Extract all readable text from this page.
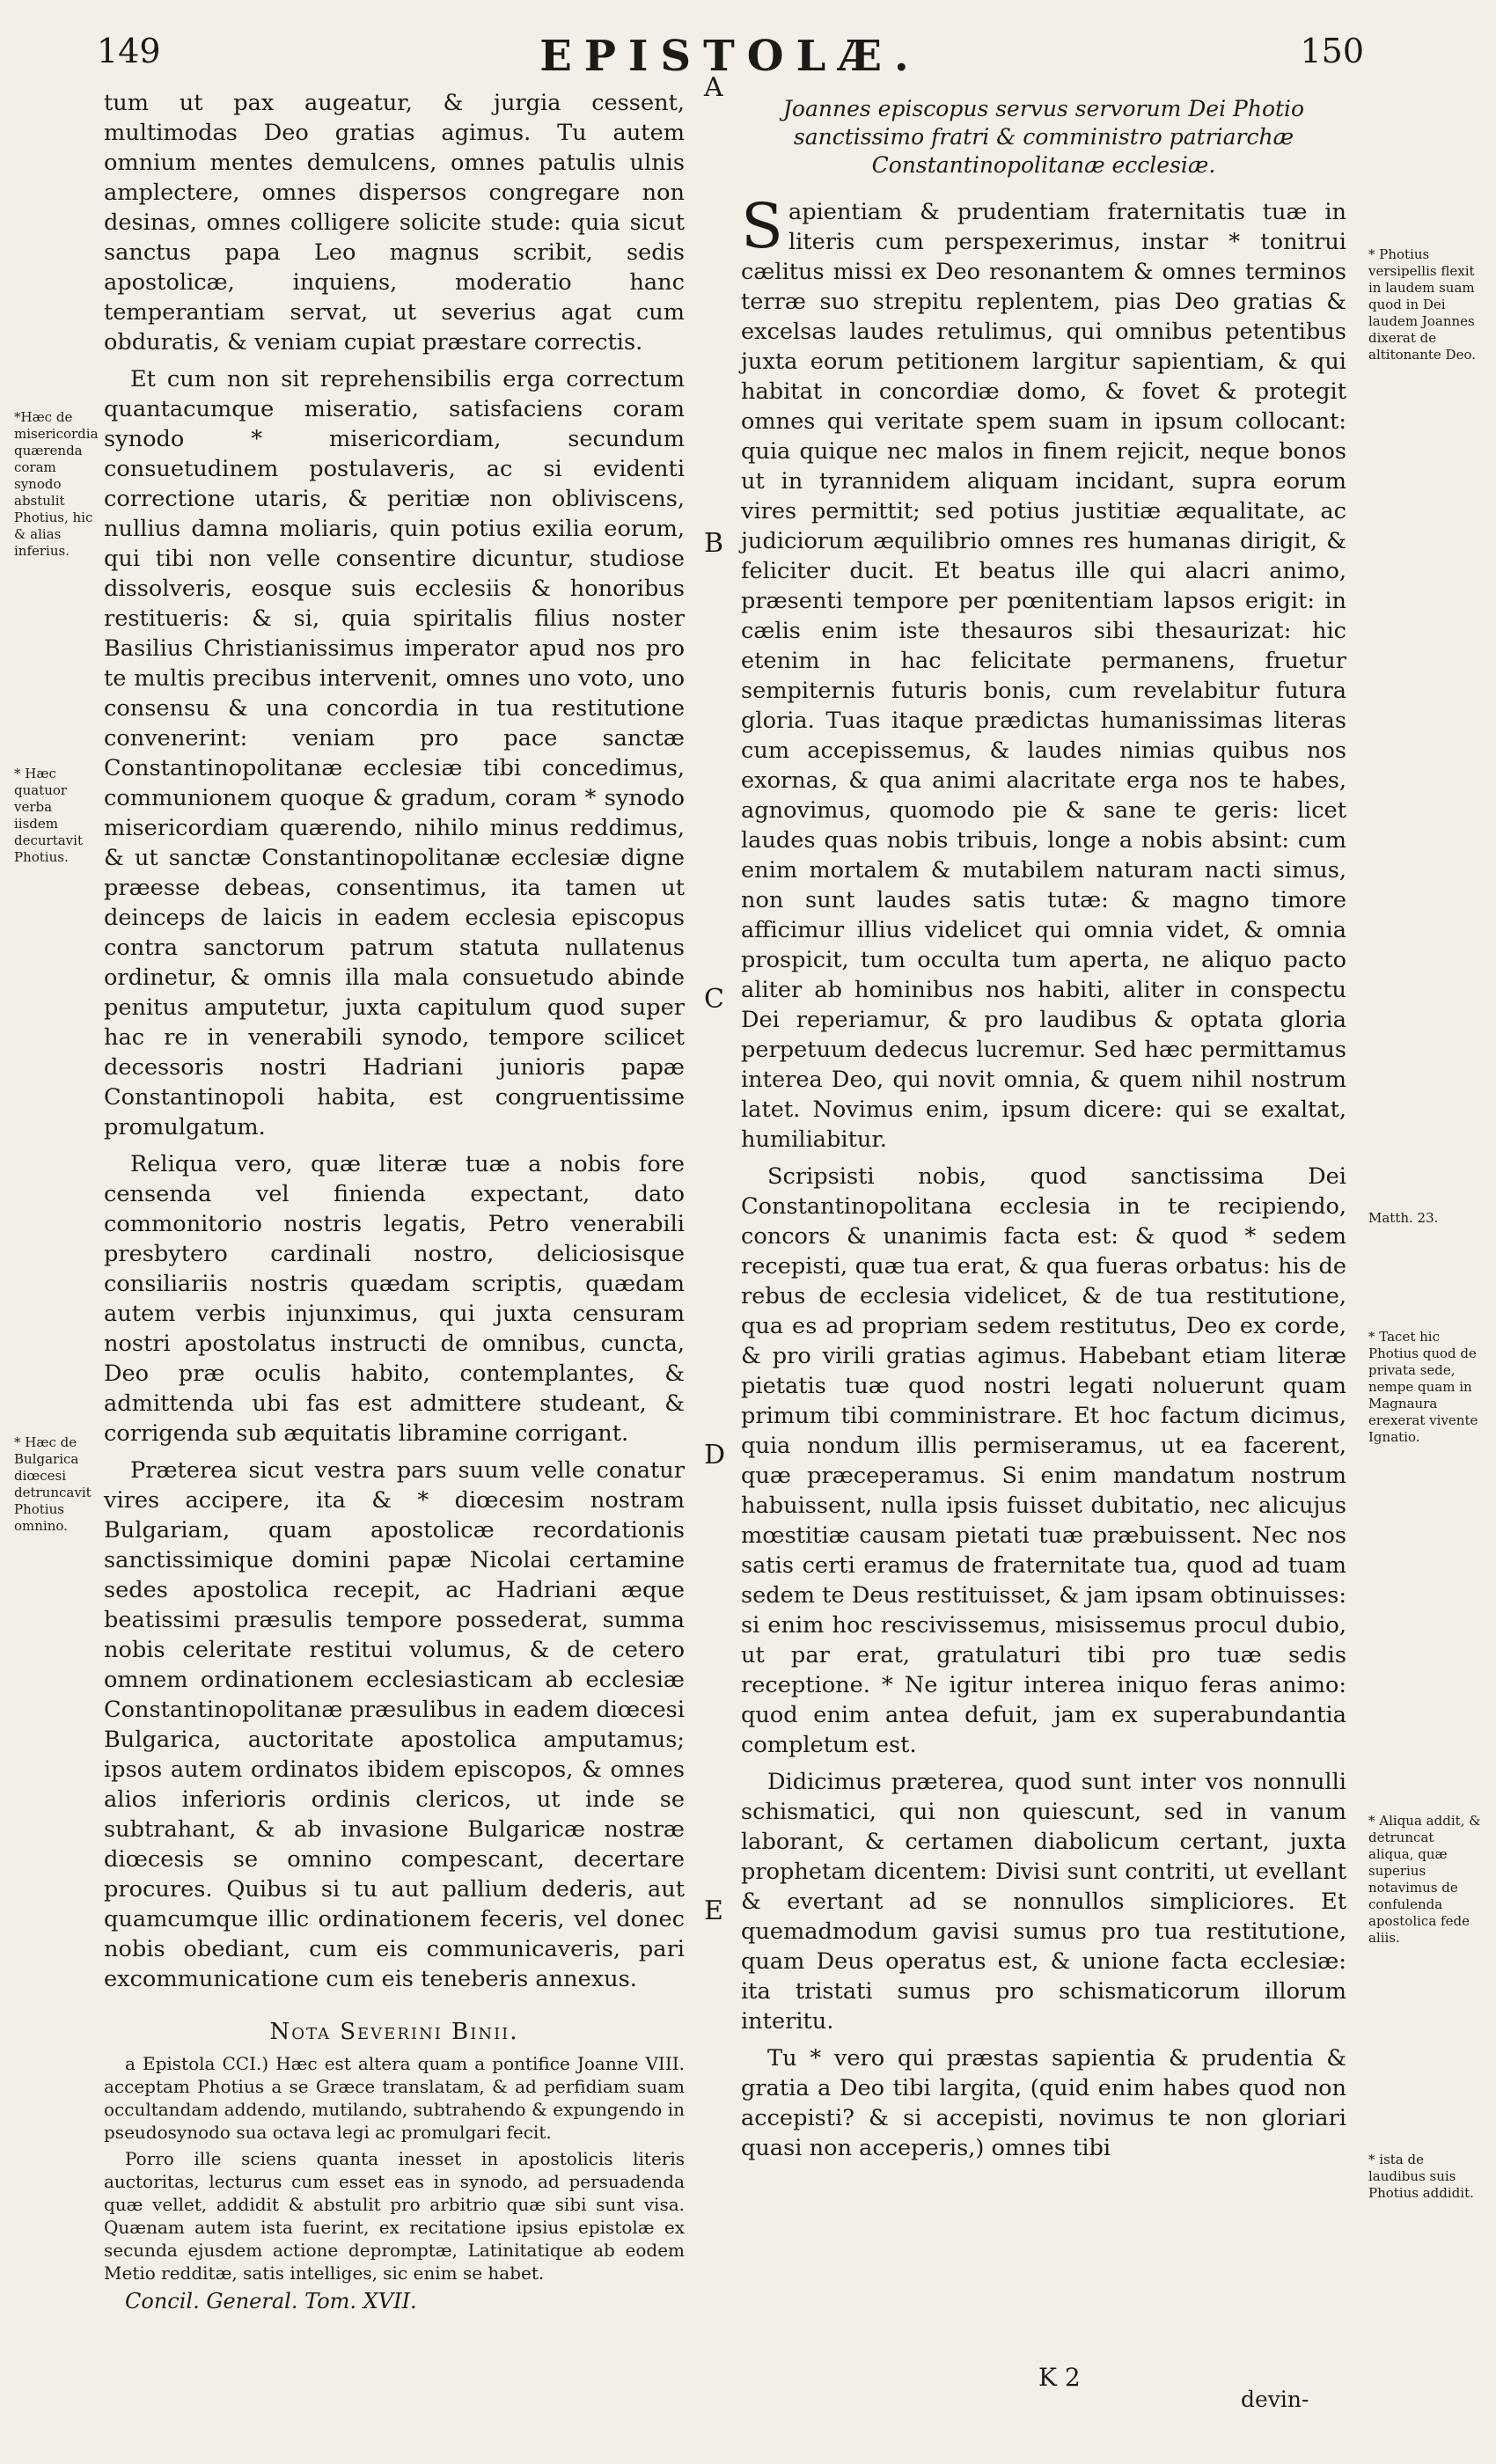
149	EPISTOLÆ.	150
*Hæc de misericordia quærenda coram synodo abstulit Photius, hic & alias inferius.
* Hæc quatuor verba iisdem decurtavit Photius.
* Hæc de Bulgarica diœcesi detruncavit Photius omnino.
A
B
C
D
E

tum ut pax augeatur, & jurgia cessent, multimodas Deo gratias agimus. Tu autem omnium mentes demulcens, omnes patulis ulnis amplectere, omnes dispersos congregare non desinas, omnes colligere solicite stude: quia sicut sanctus papa Leo magnus scribit, sedis apostolicæ, inquiens, moderatio hanc temperantiam servat, ut severius agat cum obduratis, & veniam cupiat præstare correctis.

Et cum non sit reprehensibilis erga correctum quantacumque miseratio, satisfaciens coram synodo * misericordiam, secundum consuetudinem postulaveris, ac si evidenti correctione utaris, & peritiæ non obliviscens, nullius damna moliaris, quin potius exilia eorum, qui tibi non velle consentire dicuntur, studiose dissolveris, eosque suis ecclesiis & honoribus restitueris: & si, quia spiritalis filius noster Basilius Christianissimus imperator apud nos pro te multis precibus intervenit, omnes uno voto, uno consensu & una concordia in tua restitutione convenerint: veniam pro pace sanctæ Constantinopolitanæ ecclesiæ tibi concedimus, communionem quoque & gradum, coram * synodo misericordiam quærendo, nihilo minus reddimus, & ut sanctæ Constantinopolitanæ ecclesiæ digne præesse debeas, consentimus, ita tamen ut deinceps de laicis in eadem ecclesia episcopus contra sanctorum patrum statuta nullatenus ordinetur, & omnis illa mala consuetudo abinde penitus amputetur, juxta capitulum quod super hac re in venerabili synodo, tempore scilicet decessoris nostri Hadriani junioris papæ Constantinopoli habita, est congruentissime promulgatum.

Reliqua vero, quæ literæ tuæ a nobis fore censenda vel finienda expectant, dato commonitorio nostris legatis, Petro venerabili presbytero cardinali nostro, deliciosisque consiliariis nostris quædam scriptis, quædam autem verbis injunximus, qui juxta censuram nostri apostolatus instructi de omnibus, cuncta, Deo præ oculis habito, contemplantes, & admittenda ubi fas est admittere studeant, & corrigenda sub æquitatis libramine corrigant.

Præterea sicut vestra pars suum velle conatur vires accipere, ita & * diœcesim nostram Bulgariam, quam apostolicæ recordationis sanctissimique domini papæ Nicolai certamine sedes apostolica recepit, ac Hadriani æque beatissimi præsulis tempore possederat, summa nobis celeritate restitui volumus, & de cetero omnem ordinationem ecclesiasticam ab ecclesiæ Constantinopolitanæ præsulibus in eadem diœcesi Bulgarica, auctoritate apostolica amputamus; ipsos autem ordinatos ibidem episcopos, & omnes alios inferioris ordinis clericos, ut inde se subtrahant, & ab invasione Bulgaricæ nostræ diœcesis se omnino compescant, decertare procures. Quibus si tu aut pallium dederis, aut quamcumque illic ordinationem feceris, vel donec nobis obediant, cum eis communicaveris, pari excommunicatione cum eis teneberis annexus.

Nota Severini Binii.

a Epistola CCI.) Hæc est altera quam a pontifice Joanne VIII. acceptam Photius a se Græce translatam, & ad perfidiam suam occultandam addendo, mutilando, subtrahendo & expungendo in pseudosynodo sua octava legi ac promulgari fecit.

Porro ille sciens quanta inesset in apostolicis literis auctoritas, lecturus cum esset eas in synodo, ad persuadenda quæ vellet, addidit & abstulit pro arbitrio quæ sibi sunt visa. Quænam autem ista fuerint, ex recitatione ipsius epistolæ ex secunda ejusdem actione depromptæ, Latinitatique ab eodem Metio redditæ, satis intelliges, sic enim se habet.

Concil. General. Tom. XVII.

Joannes episcopus servus servorum Dei Photio sanctissimo fratri & comministro patriarchæ Constantinopolitanæ ecclesiæ.

Sapientiam & prudentiam fraternitatis tuæ in literis cum perspexerimus, instar * tonitrui cælitus missi ex Deo resonantem & omnes terminos terræ suo strepitu replentem, pias Deo gratias & excelsas laudes retulimus, qui omnibus petentibus juxta eorum petitionem largitur sapientiam, & qui habitat in concordiæ domo, & fovet & protegit omnes qui veritate spem suam in ipsum collocant: quia quique nec malos in finem rejicit, neque bonos ut in tyrannidem aliquam incidant, supra eorum vires permittit; sed potius justitiæ æqualitate, ac judiciorum æquilibrio omnes res humanas dirigit, & feliciter ducit. Et beatus ille qui alacri animo, præsenti tempore per pœnitentiam lapsos erigit: in cælis enim iste thesauros sibi thesaurizat: hic etenim in hac felicitate permanens, fruetur sempiternis futuris bonis, cum revelabitur futura gloria. Tuas itaque prædictas humanissimas literas cum accepissemus, & laudes nimias quibus nos exornas, & qua animi alacritate erga nos te habes, agnovimus, quomodo pie & sane te geris: licet laudes quas nobis tribuis, longe a nobis absint: cum enim mortalem & mutabilem naturam nacti simus, non sunt laudes satis tutæ: & magno timore afficimur illius videlicet qui omnia videt, & omnia prospicit, tum occulta tum aperta, ne aliquo pacto aliter ab hominibus nos habiti, aliter in conspectu Dei reperiamur, & pro laudibus & optata gloria perpetuum dedecus lucremur. Sed hæc permittamus interea Deo, qui novit omnia, & quem nihil nostrum latet. Novimus enim, ipsum dicere: qui se exaltat, humiliabitur.

Scripsisti nobis, quod sanctissima Dei Constantinopolitana ecclesia in te recipiendo, concors & unanimis facta est: & quod * sedem recepisti, quæ tua erat, & qua fueras orbatus: his de rebus de ecclesia videlicet, & de tua restitutione, qua es ad propriam sedem restitutus, Deo ex corde, & pro virili gratias agimus. Habebant etiam literæ pietatis tuæ quod nostri legati noluerunt quam primum tibi comministrare. Et hoc factum dicimus, quia nondum illis permiseramus, ut ea facerent, quæ præceperamus. Si enim mandatum nostrum habuissent, nulla ipsis fuisset dubitatio, nec alicujus mœstitiæ causam pietati tuæ præbuissent. Nec nos satis certi eramus de fraternitate tua, quod ad tuam sedem te Deus restituisset, & jam ipsam obtinuisses: si enim hoc rescivissemus, misissemus procul dubio, ut par erat, gratulaturi tibi pro tuæ sedis receptione. * Ne igitur interea iniquo feras animo: quod enim antea defuit, jam ex superabundantia completum est.

Didicimus præterea, quod sunt inter vos nonnulli schismatici, qui non quiescunt, sed in vanum laborant, & certamen diabolicum certant, juxta prophetam dicentem: Divisi sunt contriti, ut evellant & evertant ad se nonnullos simpliciores. Et quemadmodum gavisi sumus pro tua restitutione, quam Deus operatus est, & unione facta ecclesiæ: ita tristati sumus pro schismaticorum illorum interitu.

Tu * vero qui præstas sapientia & prudentia & gratia a Deo tibi largita, (quid enim habes quod non accepisti? & si accepisti, novimus te non gloriari quasi non acceperis,) omnes tibi

* Photius versipellis flexit in laudem suam quod in Dei laudem Joannes dixerat de altitonante Deo.
Matth. 23.
* Tacet hic Photius quod de privata sede, nempe quam in Magnaura erexerat vivente Ignatio.
* Aliqua addit, & detruncat aliqua, quæ superius notavimus de confulenda apostolica fede aliis.
* ista de laudibus suis Photius addidit.
K 2
devin-
